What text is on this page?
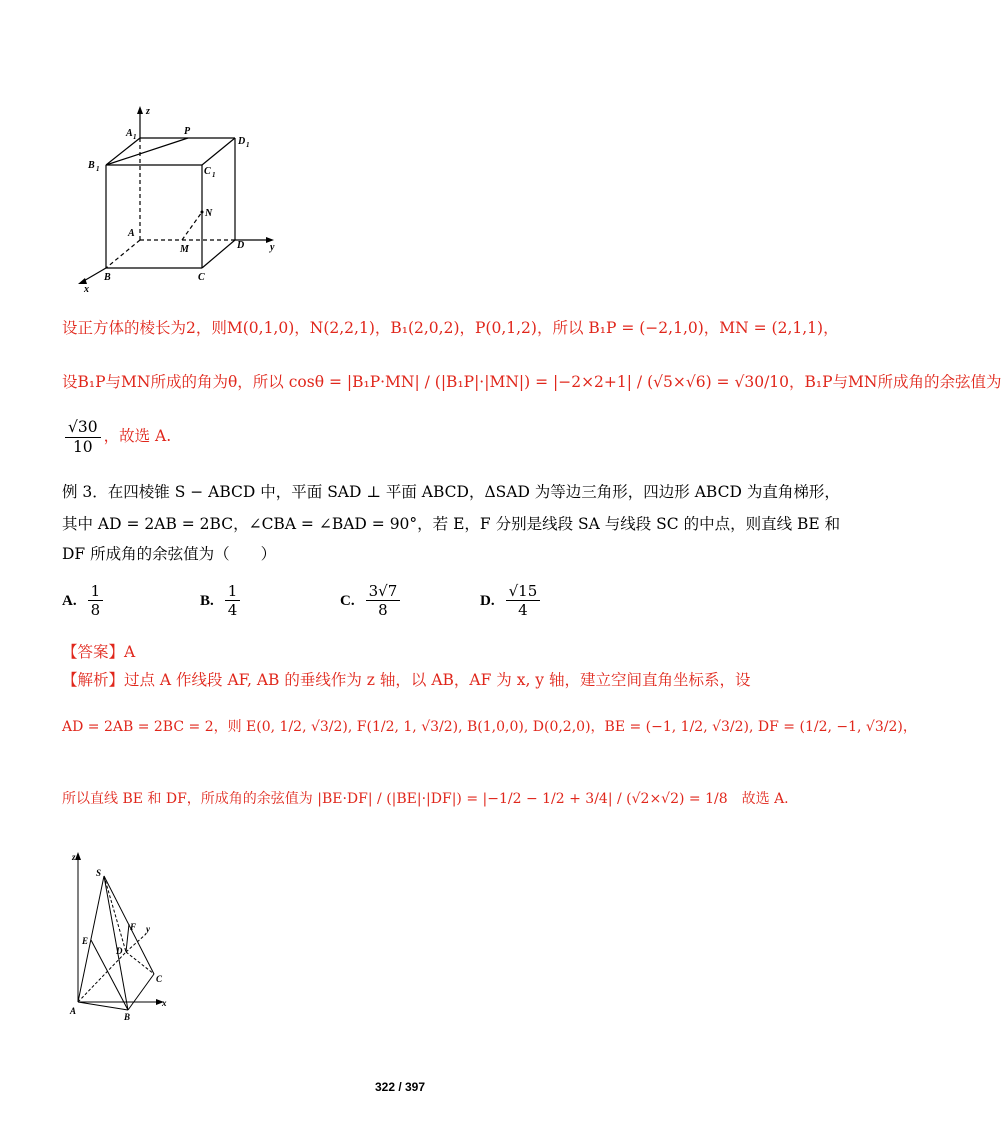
z
A 1	P
D 1
B 1	C 1
N
A
M	D	y
B	C
x
设正方体的棱长为2，则M(0,1,0)，N(2,2,1)，B₁(2,0,2)，P(0,1,2)，所以 B₁P = (−2,1,0)，MN = (2,1,1)，
设B₁P与MN所成的角为θ，所以 cosθ = |B₁P·MN| / (|B₁P|·|MN|) = |−2×2+1| / (√5×√6) = √30/10，B₁P与MN所成角的余弦值为
$\frac{√30}{10}$ ，故选 A.
例 3．在四棱锥 S − ABCD 中，平面 SAD ⊥ 平面 ABCD，ΔSAD 为等边三角形，四边形 ABCD 为直角梯形，
其中 AD = 2AB = 2BC，∠CBA = ∠BAD = 90°，若 E，F 分别是线段 SA 与线段 SC 的中点，则直线 BE 和
DF 所成角的余弦值为（　　）
A. $\frac{1}{8}$	B. $\frac{1}{4}$	C. $\frac{3√7}{8}$	D. $\frac{√15}{4}$
【答案】A
【解析】过点 A 作线段 AF, AB 的垂线作为 z 轴，以 AB，AF 为 x, y 轴，建立空间直角坐标系，设
AD = 2AB = 2BC = 2，则 E(0, 1/2, √3/2), F(1/2, 1, √3/2), B(1,0,0), D(0,2,0)，BE = (−1, 1/2, √3/2), DF = (1/2, −1, √3/2)，
所以直线 BE 和 DF，所成角的余弦值为 |BE·DF| / (|BE|·|DF|) = |−1/2 − 1/2 + 3/4| / (√2×√2) = 1/8　故选 A.
z
S
F y
E
D
C
A
B
x
322 / 397
